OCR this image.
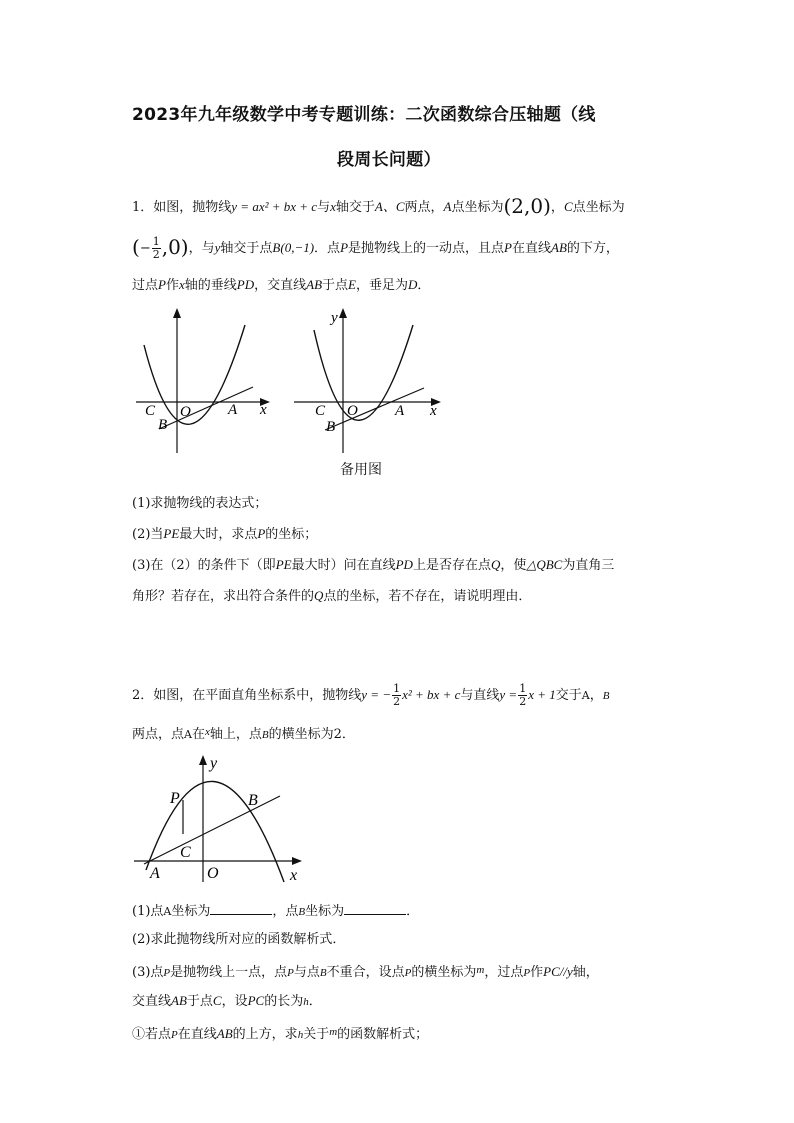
2023年九年级数学中考专题训练：二次函数综合压轴题（线
段周长问题）
1．如图，抛物线y = ax² + bx + c与x轴交于A、C两点，A点坐标为(2,0)，C点坐标为
(− $\frac{1}{2} ,0$)，与y轴交于点B(0,−1)．点P是抛物线上的一动点，且点P在直线AB的下方，
过点P作x轴的垂线PD，交直线AB于点E，垂足为D．
C O A x
B
y
C O A x
B
备用图
(1)求抛物线的表达式；
(2)当PE最大时，求点P的坐标；
(3)在（2）的条件下（即PE最大时）问在直线PD上是否存在点Q，使△QBC为直角三
角形？若存在，求出符合条件的Q点的坐标，若不存在，请说明理由．
2．如图，在平面直角坐标系中，抛物线y = − $\frac{1}{2} x^2$ + bx + c与直线$y = \frac{1}{2}$ x + 1交于A，B
两点，点A在$^x$轴上，点B的横坐标为2．
y
P	B
C
A	O	x
(1)点A坐标为	，点B坐标为	．
(2)求此抛物线所对应的函数解析式．
(3)点P是抛物线上一点，点P与点B不重合，设点P的横坐标为$^m$，过点P作PC//y轴，
交直线AB于点C，设PC的长为h．
①若点P在直线AB的上方，求h关于$^m$的函数解析式；
